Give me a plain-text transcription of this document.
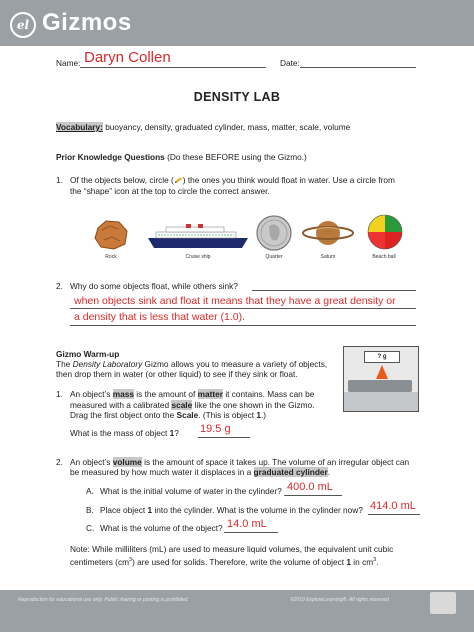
el Gizmos
Name: Daryn Collen	Date:
DENSITY LAB
Vocabulary: buoyancy, density, graduated cylinder, mass, matter, scale, volume
Prior Knowledge Questions (Do these BEFORE using the Gizmo.)
1. Of the objects below, circle ( ) the ones you think would float in water. Use a circle from
the “shape” icon at the top to circle the correct answer.
Rock	Cruise ship	Quarter	Saturn	Beach ball
2. Why do some objects float, while others sink?
when objects sink and float it means that they have a great density or
a density that is less that water (1.0).
Gizmo Warm-up
The Density Laboratory Gizmo allows you to measure a variety of objects,
then drop them in water (or other liquid) to see if they sink or float.
? g
1. An object’s mass is the amount of matter it contains. Mass can be
measured with a calibrated scale like the one shown in the Gizmo.
Drag the first object onto the Scale. (This is object 1.)
What is the mass of object 1? 19.5 g
2. An object’s volume is the amount of space it takes up. The volume of an irregular object can
be measured by how much water it displaces in a graduated cylinder.
A. What is the initial volume of water in the cylinder? 400.0 mL
B. Place object 1 into the cylinder. What is the volume in the cylinder now? 414.0 mL
C. What is the volume of the object? 14.0 mL
Note: While milliliters (mL) are used to measure liquid volumes, the equivalent unit cubic
centimeters $(cm^3)$ are used for solids. Therefore, write the volume of object 1 in $cm^3$.
Reproduction for educational use only. Public sharing or posting is prohibited.	©2019 ExploreLearning®. All rights reserved
